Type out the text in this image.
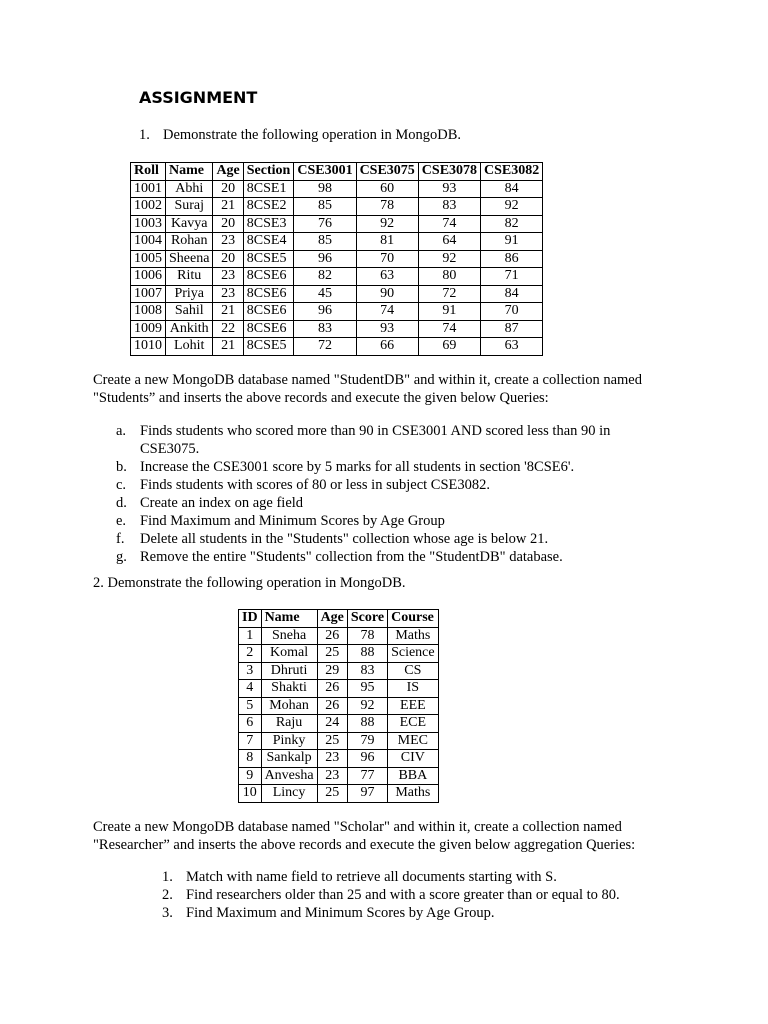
ASSIGNMENT
1. Demonstrate the following operation in MongoDB.
Roll	Name	Age	Section	CSE3001	CSE3075	CSE3078	CSE3082
1001	Abhi	20	8CSE1	98	60	93	84
1002	Suraj	21	8CSE2	85	78	83	92
1003	Kavya	20	8CSE3	76	92	74	82
1004	Rohan	23	8CSE4	85	81	64	91
1005	Sheena	20	8CSE5	96	70	92	86
1006	Ritu	23	8CSE6	82	63	80	71
1007	Priya	23	8CSE6	45	90	72	84
1008	Sahil	21	8CSE6	96	74	91	70
1009	Ankith	22	8CSE6	83	93	74	87
1010	Lohit	21	8CSE5	72	66	69	63
Create a new MongoDB database named "StudentDB" and within it, create a collection named "Students” and inserts the above records and execute the given below Queries:
a. Finds students who scored more than 90 in CSE3001 AND scored less than 90 in CSE3075.
b. Increase the CSE3001 score by 5 marks for all students in section '8CSE6'.
c. Finds students with scores of 80 or less in subject CSE3082.
d. Create an index on age field
e. Find Maximum and Minimum Scores by Age Group
f. Delete all students in the "Students" collection whose age is below 21.
g. Remove the entire "Students" collection from the "StudentDB" database.
2. Demonstrate the following operation in MongoDB.
ID	Name	Age	Score	Course
1	Sneha	26	78	Maths
2	Komal	25	88	Science
3	Dhruti	29	83	CS
4	Shakti	26	95	IS
5	Mohan	26	92	EEE
6	Raju	24	88	ECE
7	Pinky	25	79	MEC
8	Sankalp	23	96	CIV
9	Anvesha	23	77	BBA
10	Lincy	25	97	Maths
Create a new MongoDB database named "Scholar" and within it, create a collection named "Researcher” and inserts the above records and execute the given below aggregation Queries:
1. Match with name field to retrieve all documents starting with S.
2. Find researchers older than 25 and with a score greater than or equal to 80.
3. Find Maximum and Minimum Scores by Age Group.
